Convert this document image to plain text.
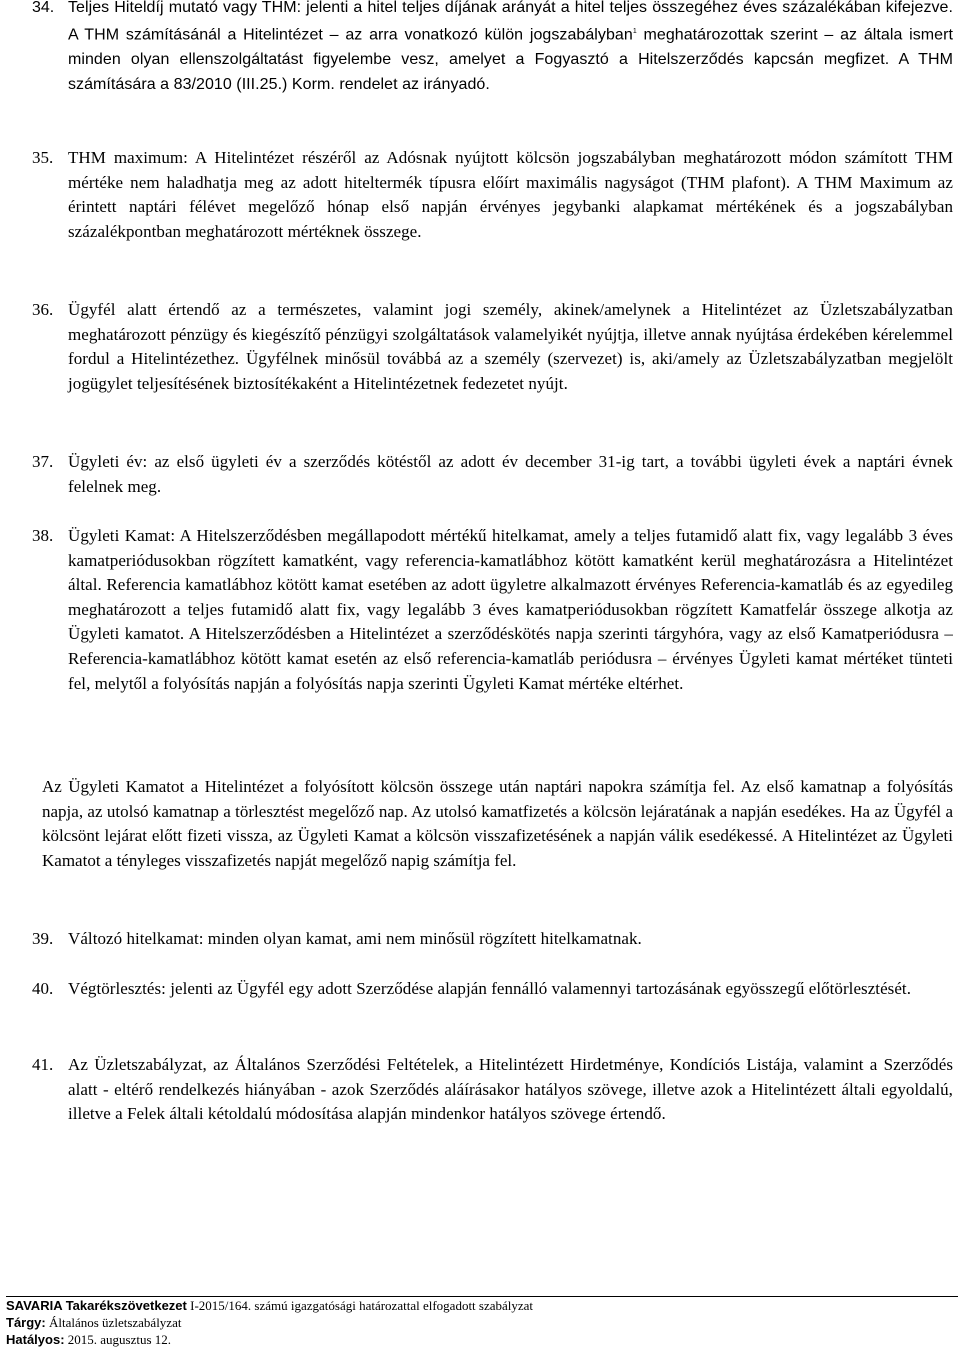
34. Teljes Hiteldíj mutató vagy THM: jelenti a hitel teljes díjának arányát a hitel teljes összegéhez éves százalékában kifejezve. A THM számításánál a Hitelintézet – az arra vonatkozó külön jogszabályban$^1$ meghatározottak szerint – az általa ismert minden olyan ellenszolgáltatást figyelembe vesz, amelyet a Fogyasztó a Hitelszerződés kapcsán megfizet. A THM számítására a 83/2010 (III.25.) Korm. rendelet az irányadó.
35. THM maximum: A Hitelintézet részéről az Adósnak nyújtott kölcsön jogszabályban meghatározott módon számított THM mértéke nem haladhatja meg az adott hiteltermék típusra előírt maximális nagyságot (THM plafont). A THM Maximum az érintett naptári félévet megelőző hónap első napján érvényes jegybanki alapkamat mértékének és a jogszabályban százalékpontban meghatározott mértéknek összege.
36. Ügyfél alatt értendő az a természetes, valamint jogi személy, akinek/amelynek a Hitelintézet az Üzletszabályzatban meghatározott pénzügy és kiegészítő pénzügyi szolgáltatások valamelyikét nyújtja, illetve annak nyújtása érdekében kérelemmel fordul a Hitelintézethez. Ügyfélnek minősül továbbá az a személy (szervezet) is, aki/amely az Üzletszabályzatban megjelölt jogügylet teljesítésének biztosítékaként a Hitelintézetnek fedezetet nyújt.
37. Ügyleti év: az első ügyleti év a szerződés kötéstől az adott év december 31-ig tart, a további ügyleti évek a naptári évnek felelnek meg.
38. Ügyleti Kamat: A Hitelszerződésben megállapodott mértékű hitelkamat, amely a teljes futamidő alatt fix, vagy legalább 3 éves kamatperiódusokban rögzített kamatként, vagy referencia-kamatlábhoz kötött kamatként kerül meghatározásra a Hitelintézet által. Referencia kamatlábhoz kötött kamat esetében az adott ügyletre alkalmazott érvényes Referencia-kamatláb és az egyedileg meghatározott a teljes futamidő alatt fix, vagy legalább 3 éves kamatperiódusokban rögzített Kamatfelár összege alkotja az Ügyleti kamatot. A Hitelszerződésben a Hitelintézet a szerződéskötés napja szerinti tárgyhóra, vagy az első Kamatperiódusra – Referencia-kamatlábhoz kötött kamat esetén az első referencia-kamatláb periódusra – érvényes Ügyleti kamat mértéket tünteti fel, melytől a folyósítás napján a folyósítás napja szerinti Ügyleti Kamat mértéke eltérhet.
Az Ügyleti Kamatot a Hitelintézet a folyósított kölcsön összege után naptári napokra számítja fel. Az első kamatnap a folyósítás napja, az utolsó kamatnap a törlesztést megelőző nap. Az utolsó kamatfizetés a kölcsön lejáratának a napján esedékes. Ha az Ügyfél a kölcsönt lejárat előtt fizeti vissza, az Ügyleti Kamat a kölcsön visszafizetésének a napján válik esedékessé. A Hitelintézet az Ügyleti Kamatot a tényleges visszafizetés napját megelőző napig számítja fel.
39. Változó hitelkamat: minden olyan kamat, ami nem minősül rögzített hitelkamatnak.
40. Végtörlesztés: jelenti az Ügyfél egy adott Szerződése alapján fennálló valamennyi tartozásának egyösszegű előtörlesztését.
41. Az Üzletszabályzat, az Általános Szerződési Feltételek, a Hitelintézett Hirdetménye, Kondíciós Listája, valamint a Szerződés alatt - eltérő rendelkezés hiányában - azok Szerződés aláírásakor hatályos szövege, illetve azok a Hitelintézett általi egyoldalú, illetve a Felek általi kétoldalú módosítása alapján mindenkor hatályos szövege értendő.
SAVARIA Takarékszövetkezet I-2015/164. számú igazgatósági határozattal elfogadott szabályzat
Tárgy: Általános üzletszabályzat
Hatályos: 2015. augusztus 12.
